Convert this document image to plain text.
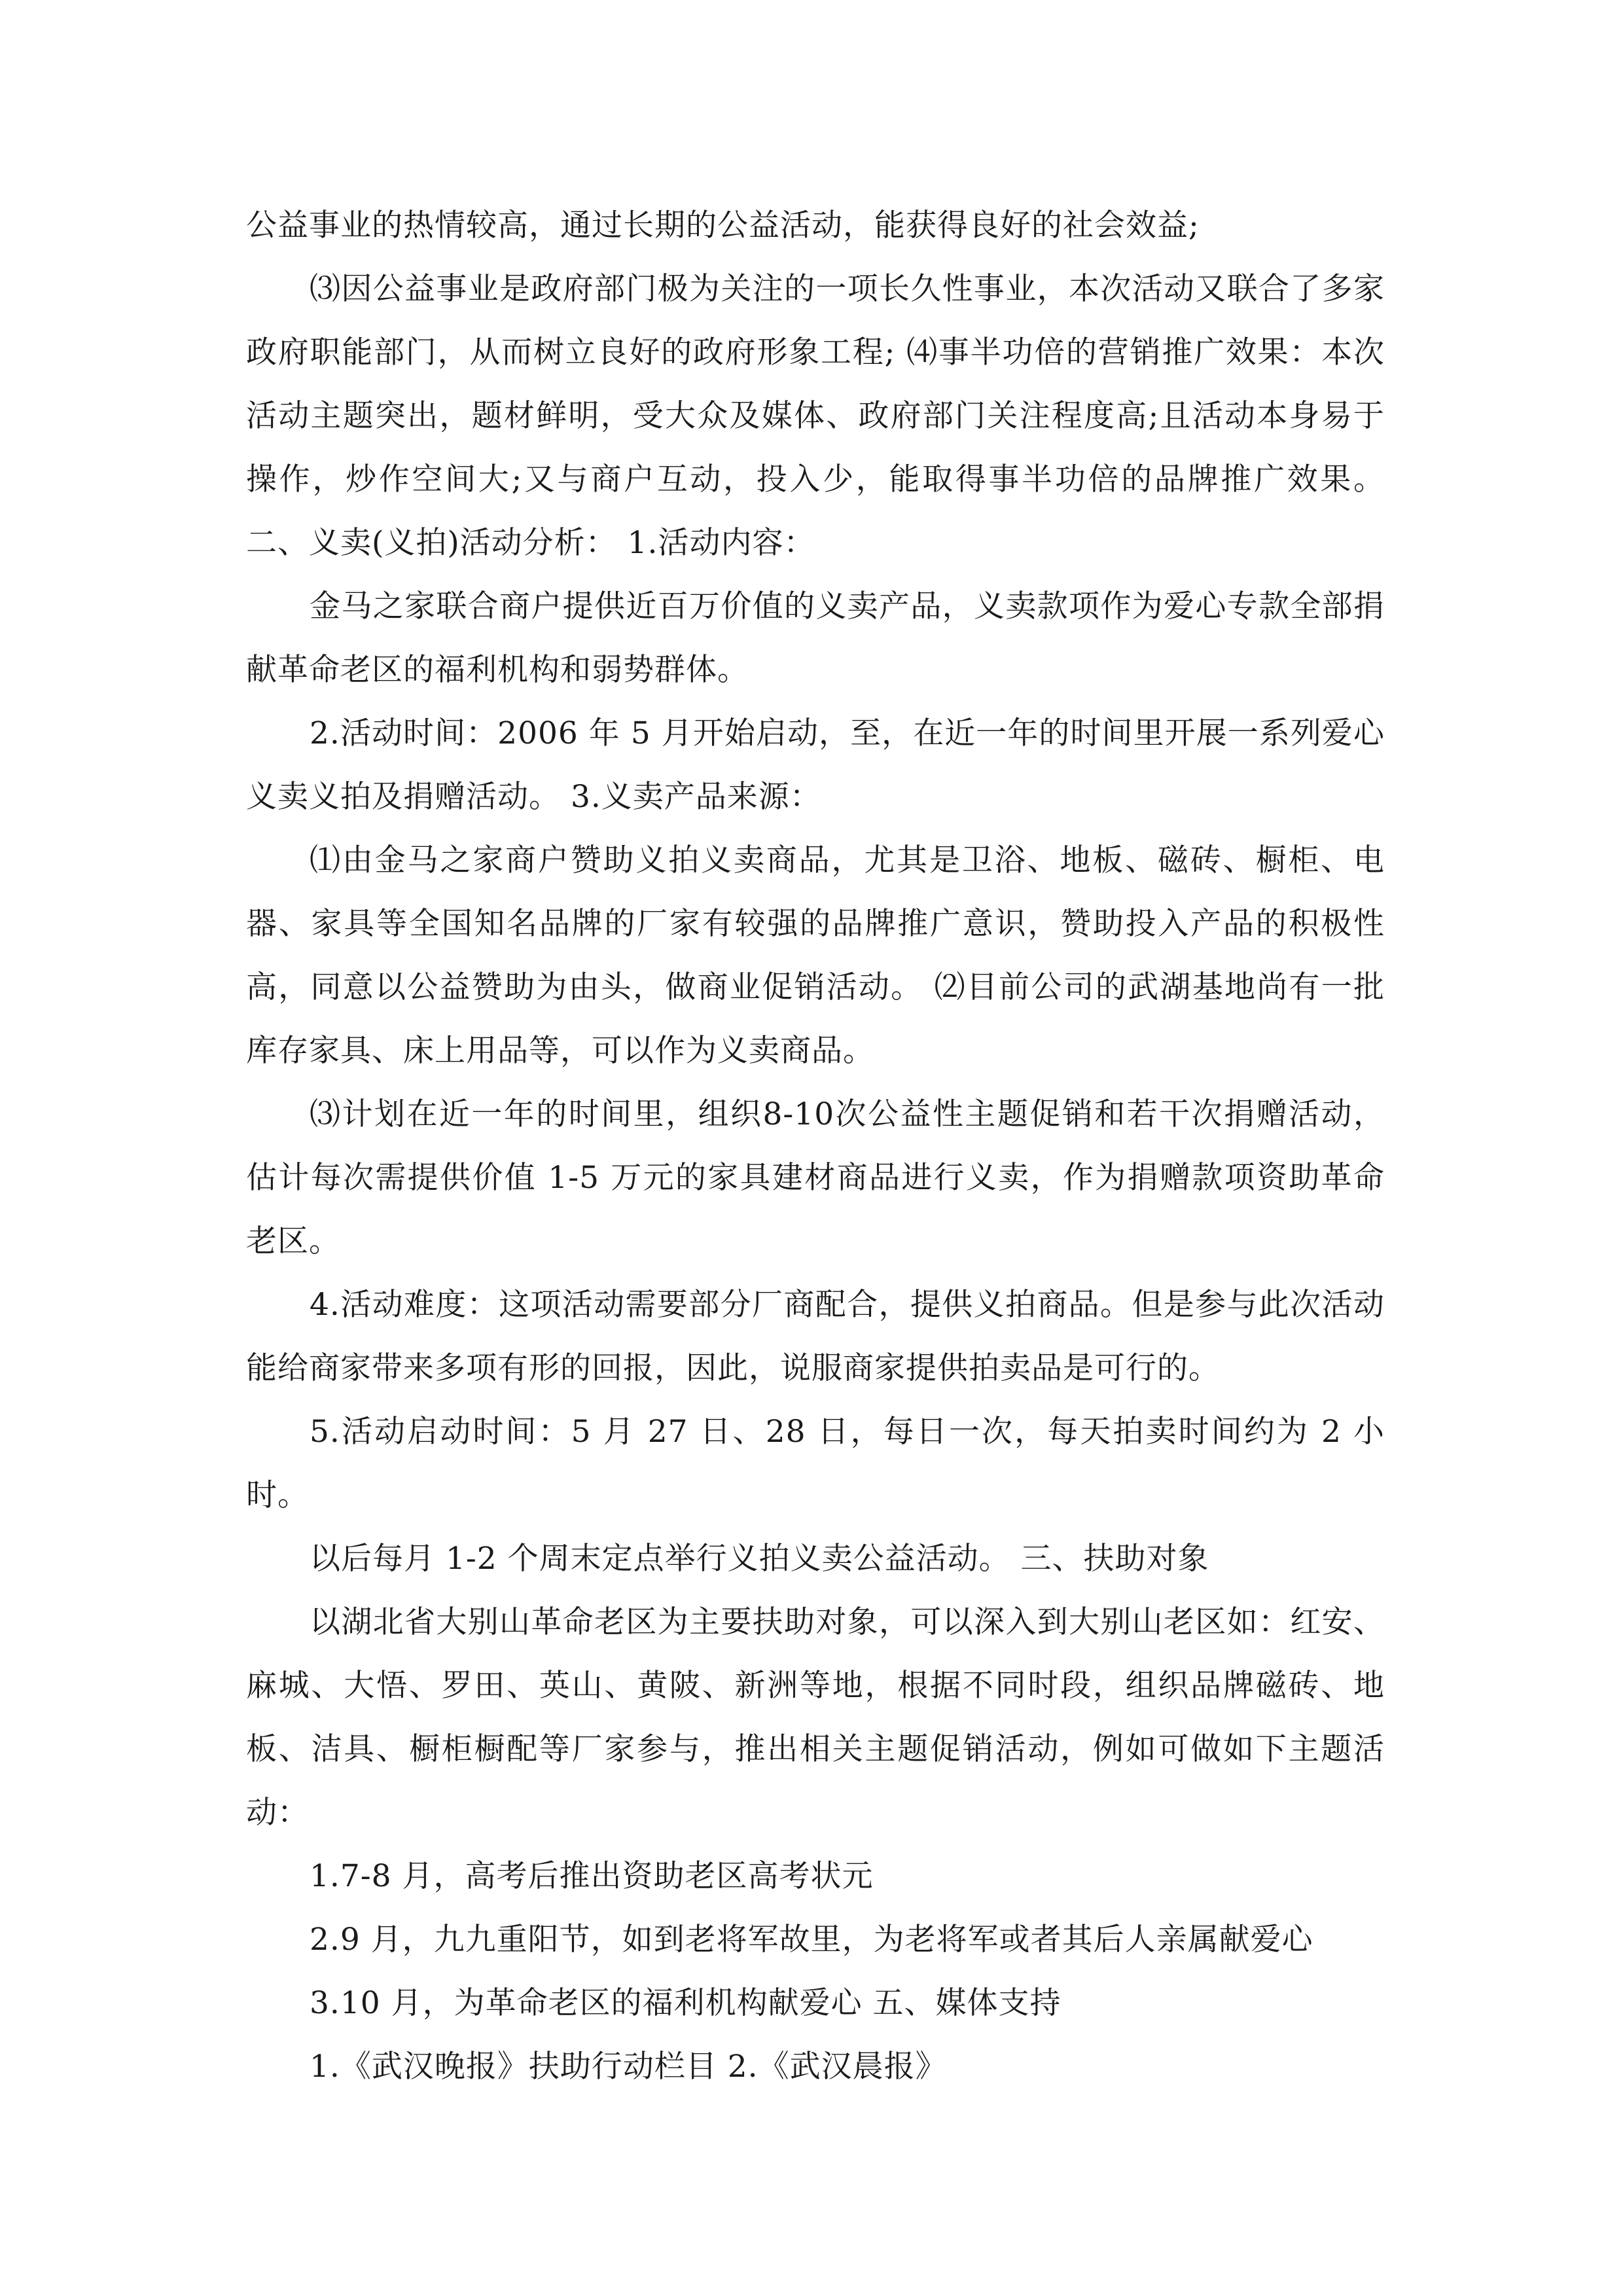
公益事业的热情较高，通过长期的公益活动，能获得良好的社会效益;

⑶因公益事业是政府部门极为关注的一项长久性事业，本次活动又联合了多家政府职能部门，从而树立良好的政府形象工程; ⑷事半功倍的营销推广效果：本次活动主题突出，题材鲜明，受大众及媒体、政府部门关注程度高;且活动本身易于操作，炒作空间大;又与商户互动，投入少，能取得事半功倍的品牌推广效果。 二、义卖(义拍)活动分析： 1.活动内容：

金马之家联合商户提供近百万价值的义卖产品，义卖款项作为爱心专款全部捐献革命老区的福利机构和弱势群体。

2.活动时间：2006 年 5 月开始启动，至，在近一年的时间里开展一系列爱心义卖义拍及捐赠活动。 3.义卖产品来源：

⑴由金马之家商户赞助义拍义卖商品，尤其是卫浴、地板、磁砖、橱柜、电器、家具等全国知名品牌的厂家有较强的品牌推广意识，赞助投入产品的积极性高，同意以公益赞助为由头，做商业促销活动。 ⑵目前公司的武湖基地尚有一批库存家具、床上用品等，可以作为义卖商品。

⑶计划在近一年的时间里，组织8-10次公益性主题促销和若干次捐赠活动，估计每次需提供价值 1-5 万元的家具建材商品进行义卖，作为捐赠款项资助革命老区。

4.活动难度：这项活动需要部分厂商配合，提供义拍商品。但是参与此次活动能给商家带来多项有形的回报，因此，说服商家提供拍卖品是可行的。

5.活动启动时间：5 月 27 日、28 日，每日一次，每天拍卖时间约为 2 小时。

以后每月 1-2 个周末定点举行义拍义卖公益活动。 三、扶助对象

以湖北省大别山革命老区为主要扶助对象，可以深入到大别山老区如：红安、麻城、大悟、罗田、英山、黄陂、新洲等地，根据不同时段，组织品牌磁砖、地板、洁具、橱柜橱配等厂家参与，推出相关主题促销活动，例如可做如下主题活动：

1.7-8 月，高考后推出资助老区高考状元

2.9 月，九九重阳节，如到老将军故里，为老将军或者其后人亲属献爱心

3.10 月，为革命老区的福利机构献爱心 五、媒体支持

1.《武汉晚报》扶助行动栏目 2.《武汉晨报》
